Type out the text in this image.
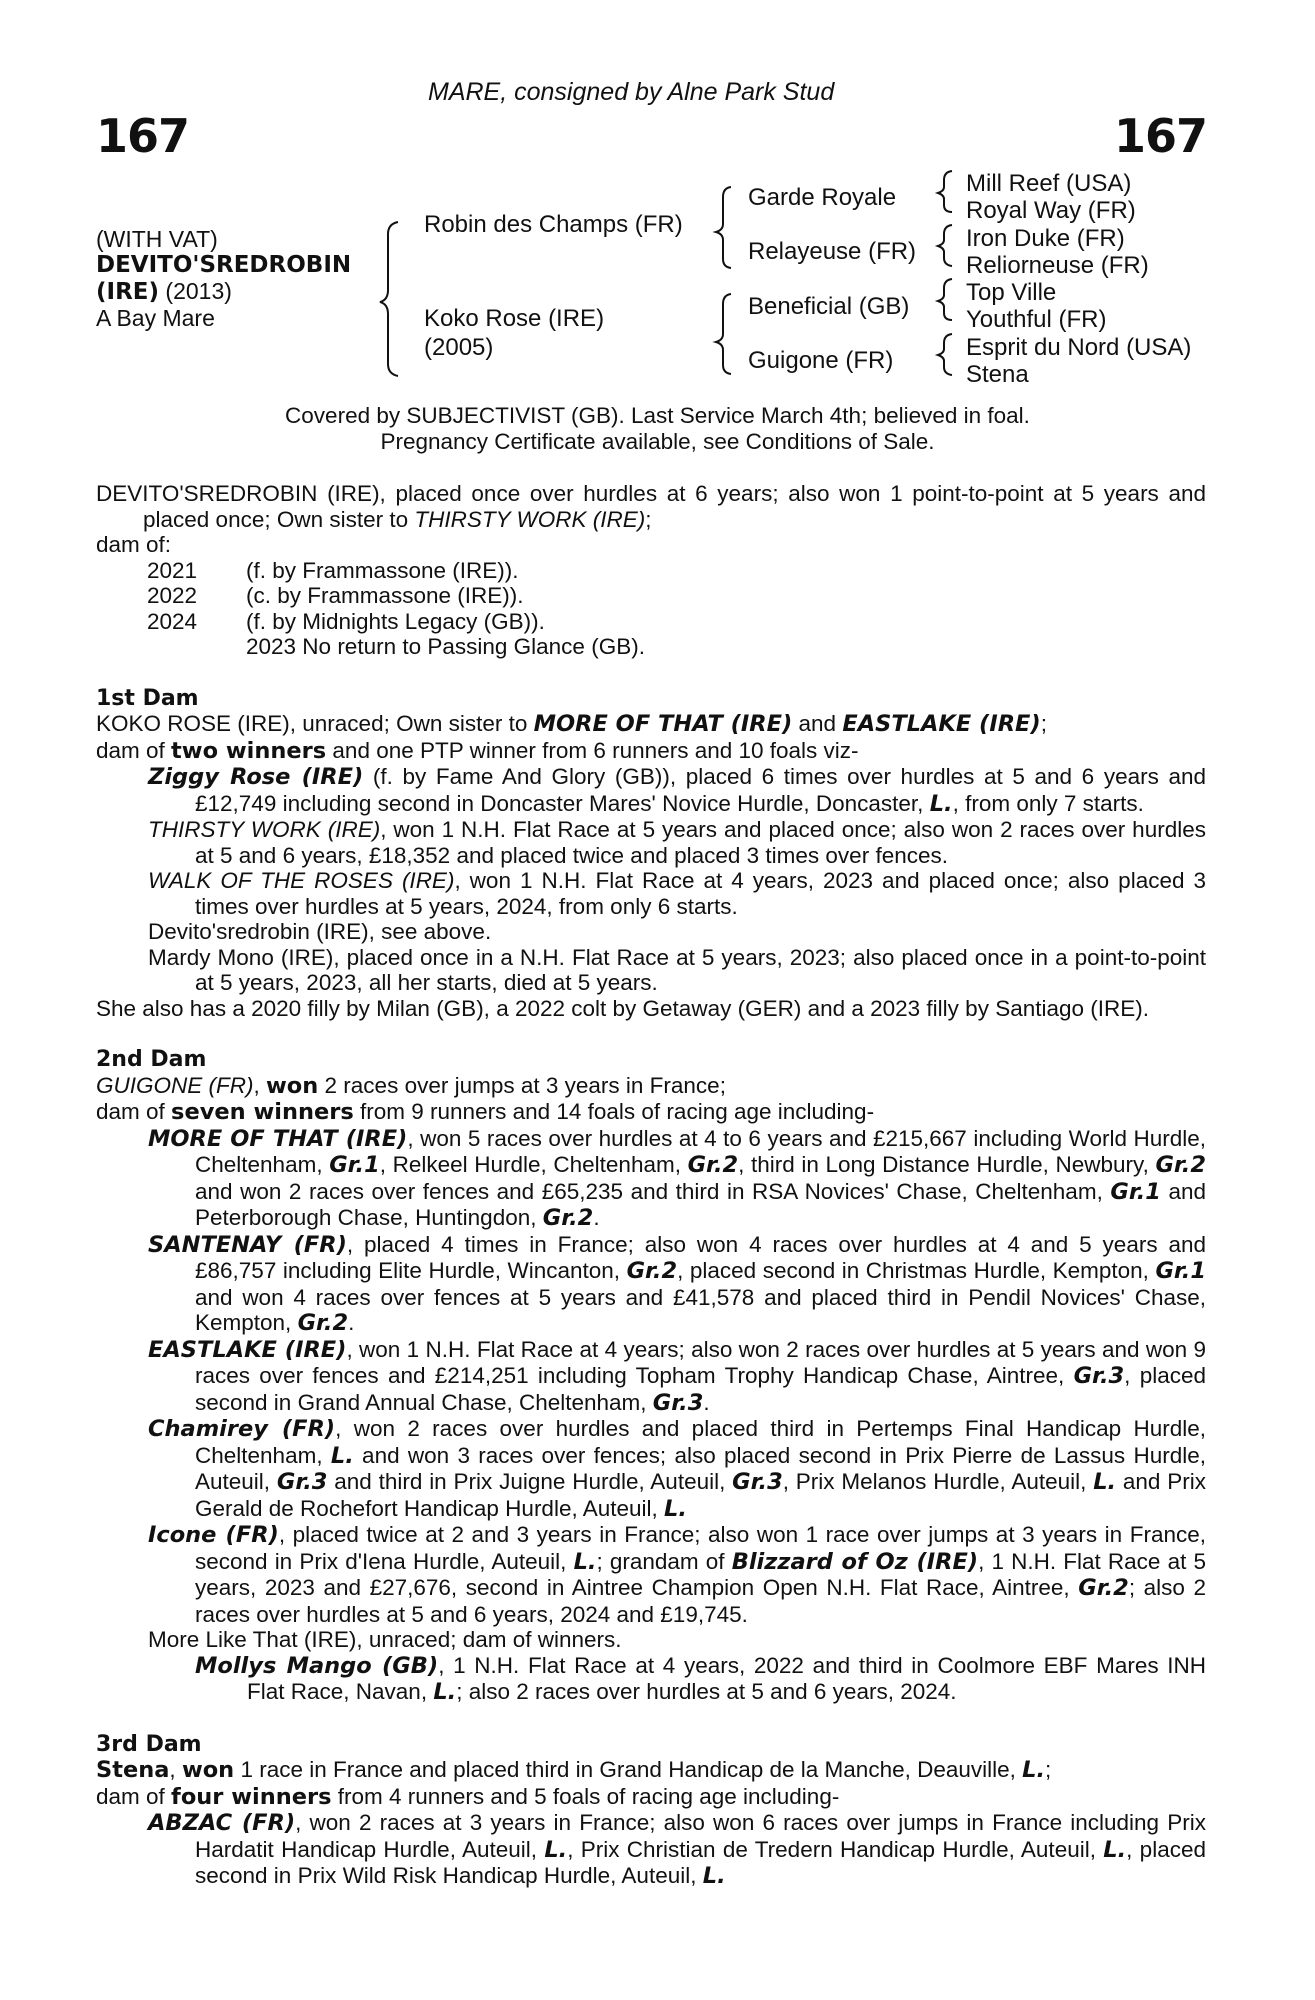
MARE, consigned by Alne Park Stud
167	167
(WITH VAT)
DEVITO'SREDROBIN
(IRE) (2013)
A Bay Mare
Robin des Champs (FR)
Koko Rose (IRE)
(2005)
Garde Royale
Relayeuse (FR)
Beneficial (GB)
Guigone (FR)
Mill Reef (USA)
Royal Way (FR)
Iron Duke (FR)
Reliorneuse (FR)
Top Ville
Youthful (FR)
Esprit du Nord (USA)
Stena
Covered by SUBJECTIVIST (GB). Last Service March 4th; believed in foal.
Pregnancy Certificate available, see Conditions of Sale.

DEVITO'SREDROBIN (IRE), placed once over hurdles at 6 years; also won 1 point-to-point at 5 years and placed once; Own sister to THIRSTY WORK (IRE);

dam of:

2021	(f. by Frammassone (IRE)).
2022	(c. by Frammassone (IRE)).
2024	(f. by Midnights Legacy (GB)).

2023 No return to Passing Glance (GB).

1st Dam

KOKO ROSE (IRE), unraced; Own sister to MORE OF THAT (IRE) and EASTLAKE (IRE);

dam of two winners and one PTP winner from 6 runners and 10 foals viz-

Ziggy Rose (IRE) (f. by Fame And Glory (GB)), placed 6 times over hurdles at 5 and 6 years and £12,749 including second in Doncaster Mares' Novice Hurdle, Doncaster, L., from only 7 starts.

THIRSTY WORK (IRE), won 1 N.H. Flat Race at 5 years and placed once; also won 2 races over hurdles at 5 and 6 years, £18,352 and placed twice and placed 3 times over fences.

WALK OF THE ROSES (IRE), won 1 N.H. Flat Race at 4 years, 2023 and placed once; also placed 3 times over hurdles at 5 years, 2024, from only 6 starts.

Devito'sredrobin (IRE), see above.

Mardy Mono (IRE), placed once in a N.H. Flat Race at 5 years, 2023; also placed once in a point-to-point at 5 years, 2023, all her starts, died at 5 years.

She also has a 2020 filly by Milan (GB), a 2022 colt by Getaway (GER) and a 2023 filly by Santiago (IRE).

2nd Dam

GUIGONE (FR), won 2 races over jumps at 3 years in France;

dam of seven winners from 9 runners and 14 foals of racing age including-

MORE OF THAT (IRE), won 5 races over hurdles at 4 to 6 years and £215,667 including World Hurdle, Cheltenham, Gr.1, Relkeel Hurdle, Cheltenham, Gr.2, third in Long Distance Hurdle, Newbury, Gr.2 and won 2 races over fences and £65,235 and third in RSA Novices' Chase, Cheltenham, Gr.1 and Peterborough Chase, Huntingdon, Gr.2.

SANTENAY (FR), placed 4 times in France; also won 4 races over hurdles at 4 and 5 years and £86,757 including Elite Hurdle, Wincanton, Gr.2, placed second in Christmas Hurdle, Kempton, Gr.1 and won 4 races over fences at 5 years and £41,578 and placed third in Pendil Novices' Chase, Kempton, Gr.2.

EASTLAKE (IRE), won 1 N.H. Flat Race at 4 years; also won 2 races over hurdles at 5 years and won 9 races over fences and £214,251 including Topham Trophy Handicap Chase, Aintree, Gr.3, placed second in Grand Annual Chase, Cheltenham, Gr.3.

Chamirey (FR), won 2 races over hurdles and placed third in Pertemps Final Handicap Hurdle, Cheltenham, L. and won 3 races over fences; also placed second in Prix Pierre de Lassus Hurdle, Auteuil, Gr.3 and third in Prix Juigne Hurdle, Auteuil, Gr.3, Prix Melanos Hurdle, Auteuil, L. and Prix Gerald de Rochefort Handicap Hurdle, Auteuil, L.

Icone (FR), placed twice at 2 and 3 years in France; also won 1 race over jumps at 3 years in France, second in Prix d'Iena Hurdle, Auteuil, L.; grandam of Blizzard of Oz (IRE), 1 N.H. Flat Race at 5 years, 2023 and £27,676, second in Aintree Champion Open N.H. Flat Race, Aintree, Gr.2; also 2 races over hurdles at 5 and 6 years, 2024 and £19,745.

More Like That (IRE), unraced; dam of winners.

Mollys Mango (GB), 1 N.H. Flat Race at 4 years, 2022 and third in Coolmore EBF Mares INH Flat Race, Navan, L.; also 2 races over hurdles at 5 and 6 years, 2024.

3rd Dam

Stena, won 1 race in France and placed third in Grand Handicap de la Manche, Deauville, L.;

dam of four winners from 4 runners and 5 foals of racing age including-

ABZAC (FR), won 2 races at 3 years in France; also won 6 races over jumps in France including Prix Hardatit Handicap Hurdle, Auteuil, L., Prix Christian de Tredern Handicap Hurdle, Auteuil, L., placed second in Prix Wild Risk Handicap Hurdle, Auteuil, L.
